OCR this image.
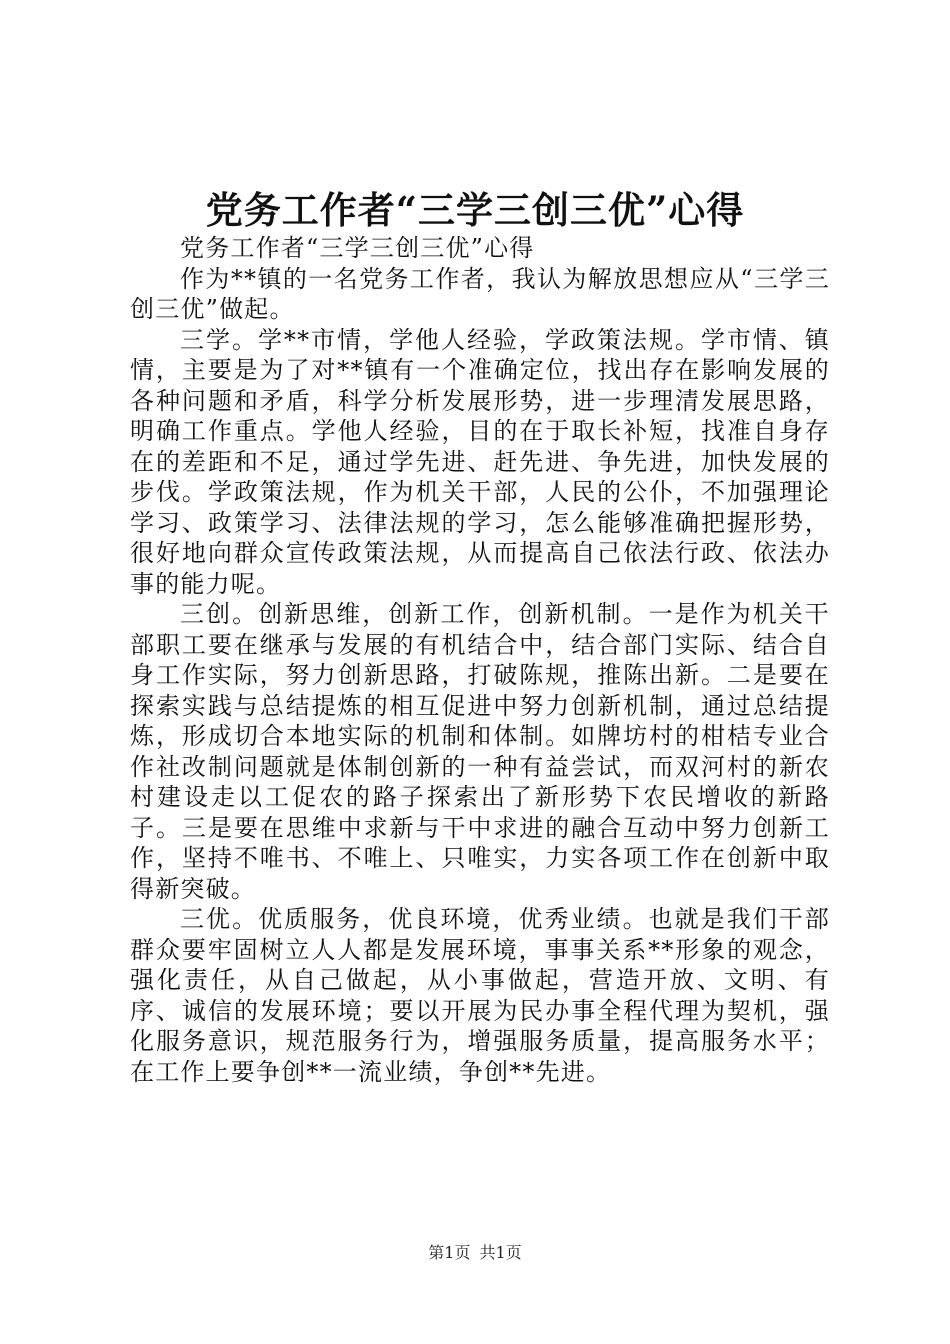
党务工作者“三学三创三优”心得

党务工作者“三学三创三优”心得

作为**镇的一名党务工作者，我认为解放思想应从“三学三创三优”做起。

三学。学**市情，学他人经验，学政策法规。学市情、镇情，主要是为了对**镇有一个准确定位，找出存在影响发展的各种问题和矛盾，科学分析发展形势，进一步理清发展思路，明确工作重点。学他人经验，目的在于取长补短，找准自身存在的差距和不足，通过学先进、赶先进、争先进，加快发展的步伐。学政策法规，作为机关干部，人民的公仆，不加强理论学习、政策学习、法律法规的学习，怎么能够准确把握形势，很好地向群众宣传政策法规，从而提高自己依法行政、依法办事的能力呢。

三创。创新思维，创新工作，创新机制。一是作为机关干部职工要在继承与发展的有机结合中，结合部门实际、结合自身工作实际，努力创新思路，打破陈规，推陈出新。二是要在探索实践与总结提炼的相互促进中努力创新机制，通过总结提炼，形成切合本地实际的机制和体制。如牌坊村的柑桔专业合作社改制问题就是体制创新的一种有益尝试，而双河村的新农村建设走以工促农的路子探索出了新形势下农民增收的新路子。三是要在思维中求新与干中求进的融合互动中努力创新工作，坚持不唯书、不唯上、只唯实，力实各项工作在创新中取得新突破。

三优。优质服务，优良环境，优秀业绩。也就是我们干部群众要牢固树立人人都是发展环境，事事关系**形象的观念，强化责任，从自己做起，从小事做起，营造开放、文明、有序、诚信的发展环境；要以开展为民办事全程代理为契机，强化服务意识，规范服务行为，增强服务质量，提高服务水平；在工作上要争创**一流业绩，争创**先进。

第1页 共1页
